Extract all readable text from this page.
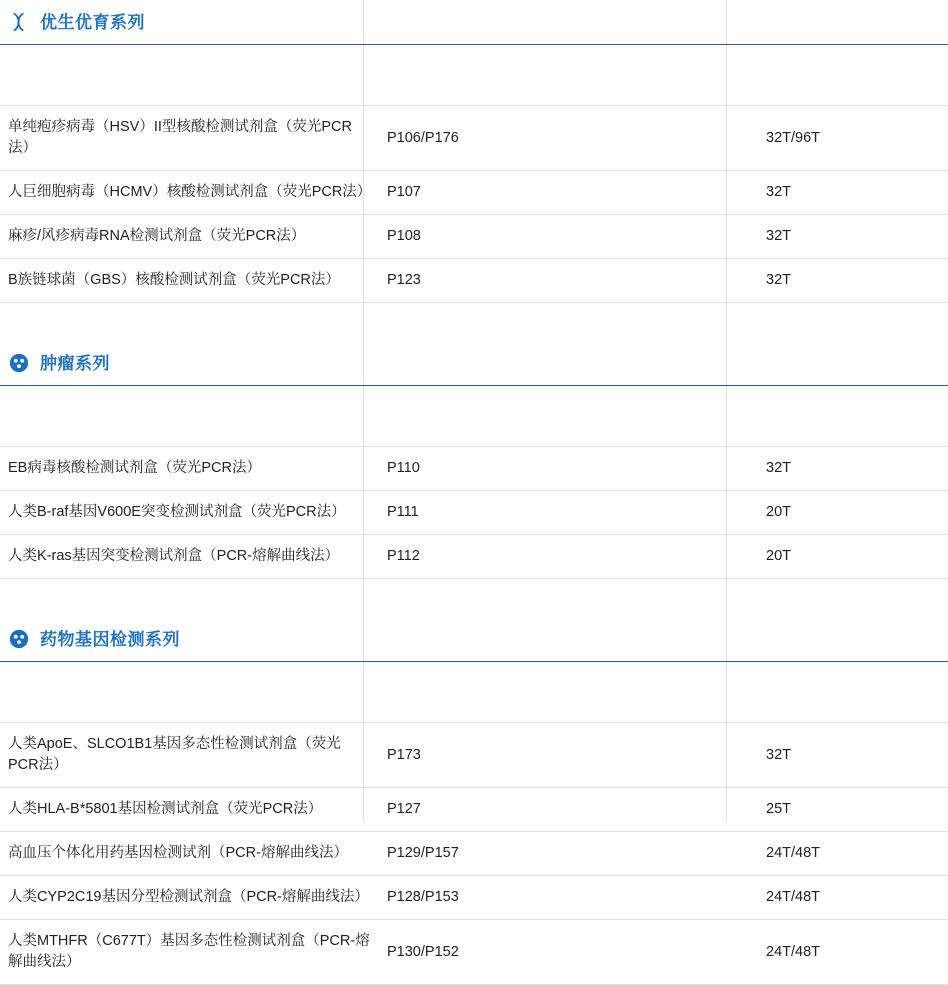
优生优育系列

单纯疱疹病毒（HSV）II型核酸检测试剂盒（荧光PCR法）	P106/P176	32T/96T
人巨细胞病毒（HCMV）核酸检测试剂盒（荧光PCR法）	P107	32T
麻疹/风疹病毒RNA检测试剂盒（荧光PCR法）	P108	32T
B族链球菌（GBS）核酸检测试剂盒（荧光PCR法）	P123	32T
肿瘤系列

EB病毒核酸检测试剂盒（荧光PCR法）	P110	32T
人类B-raf基因V600E突变检测试剂盒（荧光PCR法）	P111	20T
人类K-ras基因突变检测试剂盒（PCR-熔解曲线法）	P112	20T
药物基因检测系列

人类ApoE、SLCO1B1基因多态性检测试剂盒（荧光PCR法）	P173	32T
人类HLA-B*5801基因检测试剂盒（荧光PCR法）	P127	25T
高血压个体化用药基因检测试剂（PCR-熔解曲线法）	P129/P157	24T/48T
人类CYP2C19基因分型检测试剂盒（PCR-熔解曲线法）	P128/P153	24T/48T
人类MTHFR（C677T）基因多态性检测试剂盒（PCR-熔解曲线法）	P130/P152	24T/48T
